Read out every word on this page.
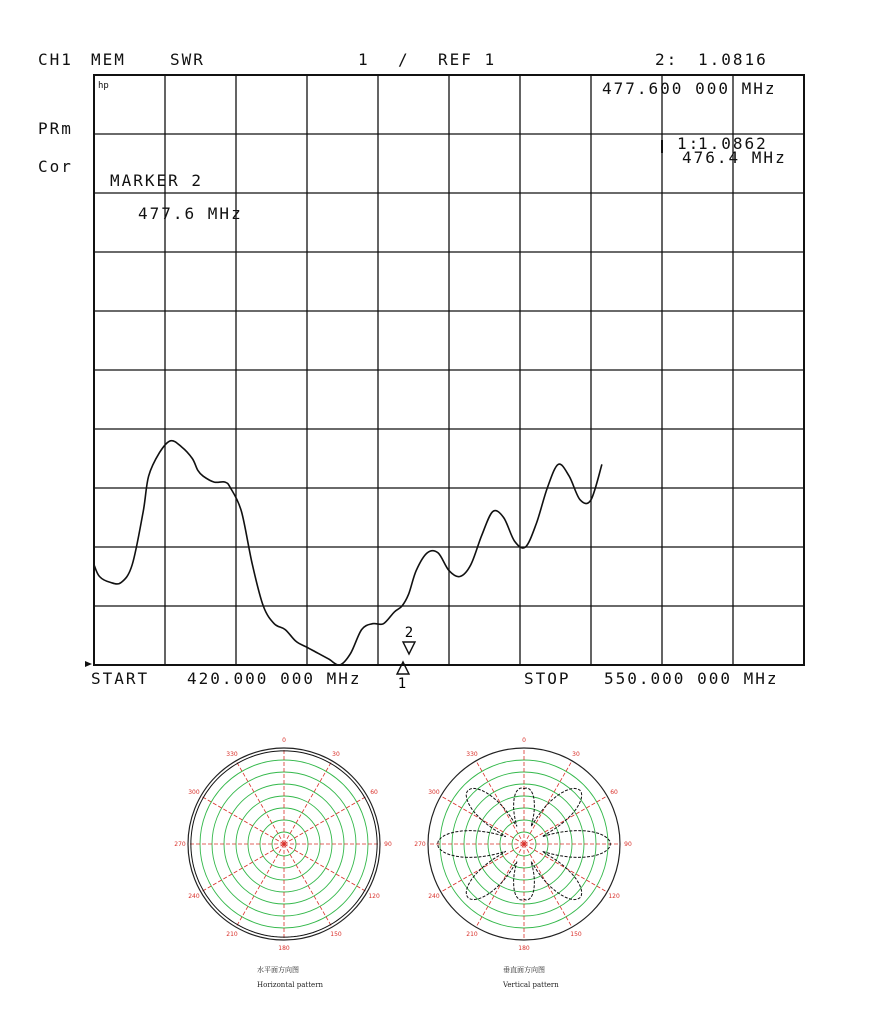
CH1 MEM	SWR	1 / REF 1	2: 1.0816
PRm
Cor
hp	477.600 000 MHz
1:
1.0862
476.4 MHz
MARKER 2
477.6 MHz
START 420.000 000 MHz	STOP 550.000 000 MHz
2
1
0
30
60
90
120
150
180
210
240
270
300
330
0
30
60
90
120
150
180
210
240
270
300
330
水平面方向图
Horizontal pattern
垂直面方向图
Vertical pattern
